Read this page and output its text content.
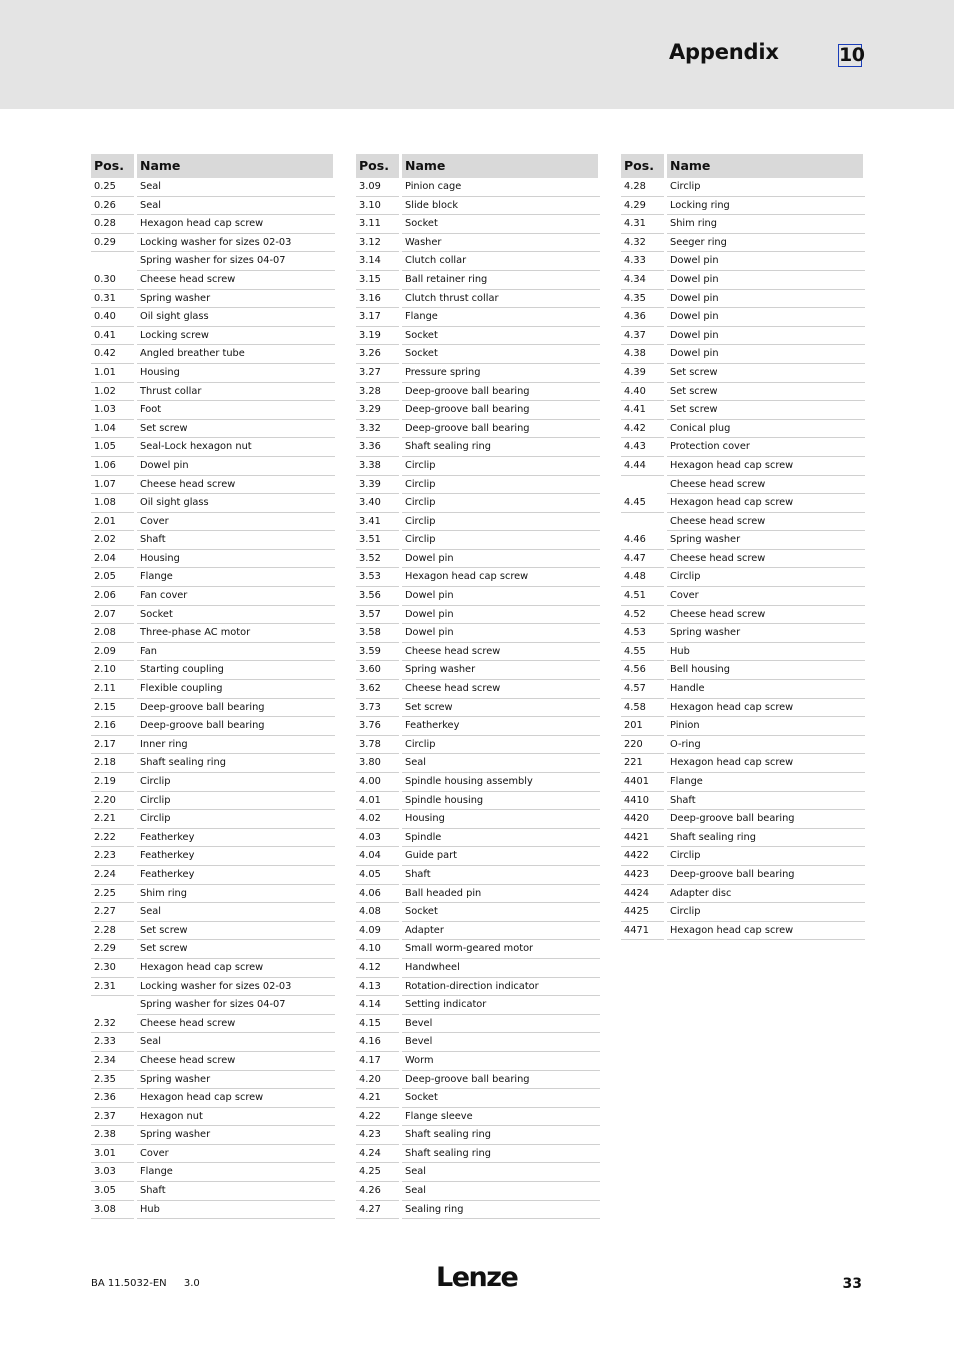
Appendix	10
Pos.	Name
0.25	Seal
0.26	Seal
0.28	Hexagon head cap screw
0.29	Locking washer for sizes 02-03
Spring washer for sizes 04-07
0.30	Cheese head screw
0.31	Spring washer
0.40	Oil sight glass
0.41	Locking screw
0.42	Angled breather tube
1.01	Housing
1.02	Thrust collar
1.03	Foot
1.04	Set screw
1.05	Seal-Lock hexagon nut
1.06	Dowel pin
1.07	Cheese head screw
1.08	Oil sight glass
2.01	Cover
2.02	Shaft
2.04	Housing
2.05	Flange
2.06	Fan cover
2.07	Socket
2.08	Three-phase AC motor
2.09	Fan
2.10	Starting coupling
2.11	Flexible coupling
2.15	Deep-groove ball bearing
2.16	Deep-groove ball bearing
2.17	Inner ring
2.18	Shaft sealing ring
2.19	Circlip
2.20	Circlip
2.21	Circlip
2.22	Featherkey
2.23	Featherkey
2.24	Featherkey
2.25	Shim ring
2.27	Seal
2.28	Set screw
2.29	Set screw
2.30	Hexagon head cap screw
2.31	Locking washer for sizes 02-03
Spring washer for sizes 04-07
2.32	Cheese head screw
2.33	Seal
2.34	Cheese head screw
2.35	Spring washer
2.36	Hexagon head cap screw
2.37	Hexagon nut
2.38	Spring washer
3.01	Cover
3.03	Flange
3.05	Shaft
3.08	Hub
Pos.	Name
3.09	Pinion cage
3.10	Slide block
3.11	Socket
3.12	Washer
3.14	Clutch collar
3.15	Ball retainer ring
3.16	Clutch thrust collar
3.17	Flange
3.19	Socket
3.26	Socket
3.27	Pressure spring
3.28	Deep-groove ball bearing
3.29	Deep-groove ball bearing
3.32	Deep-groove ball bearing
3.36	Shaft sealing ring
3.38	Circlip
3.39	Circlip
3.40	Circlip
3.41	Circlip
3.51	Circlip
3.52	Dowel pin
3.53	Hexagon head cap screw
3.56	Dowel pin
3.57	Dowel pin
3.58	Dowel pin
3.59	Cheese head screw
3.60	Spring washer
3.62	Cheese head screw
3.73	Set screw
3.76	Featherkey
3.78	Circlip
3.80	Seal
4.00	Spindle housing assembly
4.01	Spindle housing
4.02	Housing
4.03	Spindle
4.04	Guide part
4.05	Shaft
4.06	Ball headed pin
4.08	Socket
4.09	Adapter
4.10	Small worm-geared motor
4.12	Handwheel
4.13	Rotation-direction indicator
4.14	Setting indicator
4.15	Bevel
4.16	Bevel
4.17	Worm
4.20	Deep-groove ball bearing
4.21	Socket
4.22	Flange sleeve
4.23	Shaft sealing ring
4.24	Shaft sealing ring
4.25	Seal
4.26	Seal
4.27	Sealing ring
Pos.	Name
4.28	Circlip
4.29	Locking ring
4.31	Shim ring
4.32	Seeger ring
4.33	Dowel pin
4.34	Dowel pin
4.35	Dowel pin
4.36	Dowel pin
4.37	Dowel pin
4.38	Dowel pin
4.39	Set screw
4.40	Set screw
4.41	Set screw
4.42	Conical plug
4.43	Protection cover
4.44	Hexagon head cap screw
Cheese head screw
4.45	Hexagon head cap screw
Cheese head screw
4.46	Spring washer
4.47	Cheese head screw
4.48	Circlip
4.51	Cover
4.52	Cheese head screw
4.53	Spring washer
4.55	Hub
4.56	Bell housing
4.57	Handle
4.58	Hexagon head cap screw
201	Pinion
220	O-ring
221	Hexagon head cap screw
4401	Flange
4410	Shaft
4420	Deep-groove ball bearing
4421	Shaft sealing ring
4422	Circlip
4423	Deep-groove ball bearing
4424	Adapter disc
4425	Circlip
4471	Hexagon head cap screw
BA 11.5032-EN 3.0	Lenze	33
